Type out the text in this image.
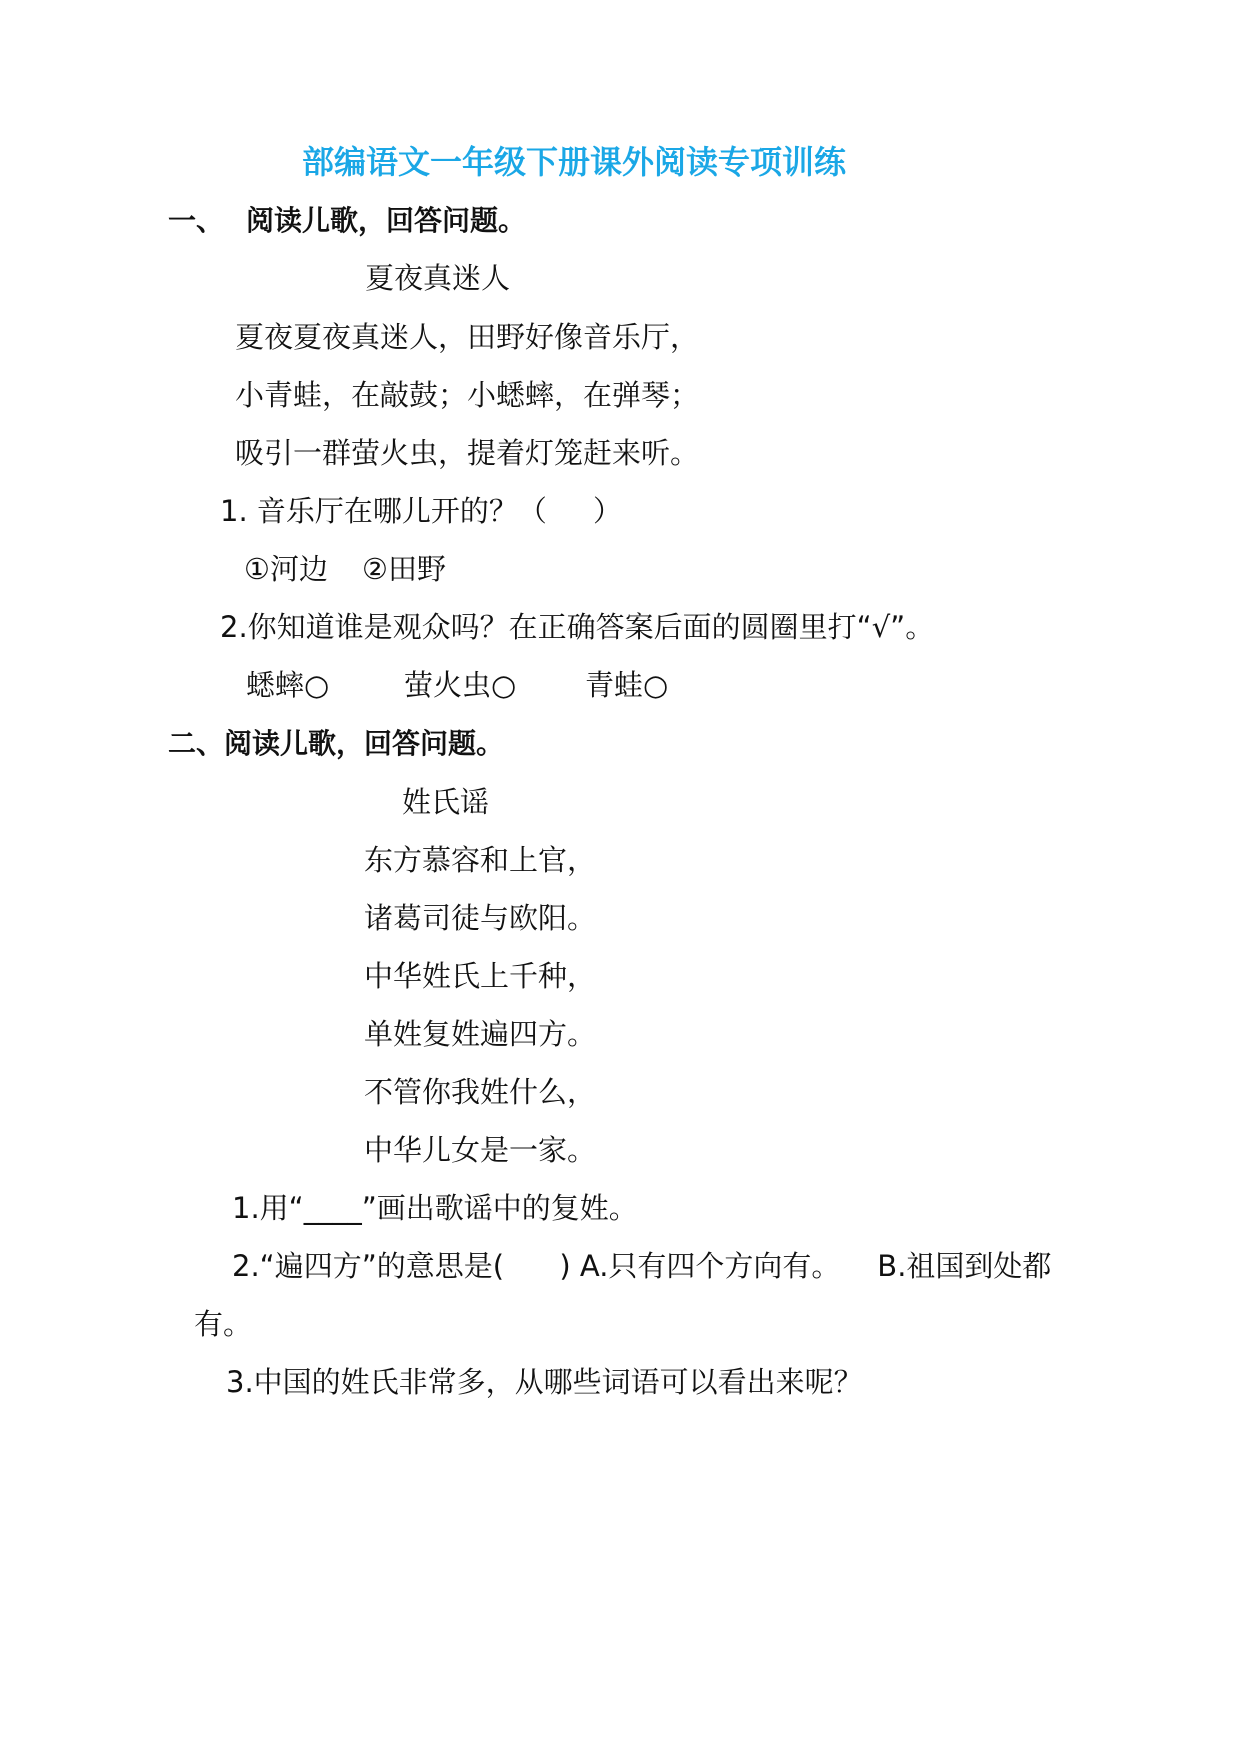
部编语文一年级下册课外阅读专项训练
一、 阅读儿歌，回答问题。
夏夜真迷人
夏夜夏夜真迷人，田野好像音乐厅，
小青蛙，在敲鼓；小蟋蟀，在弹琴；
吸引一群萤火虫，提着灯笼赶来听。
1. 音乐厅在哪儿开的？（     ）
①河边 ②田野
2.你知道谁是观众吗？在正确答案后面的圆圈里打“√”。
蟋蟀○	萤火虫○ 青蛙○
二、阅读儿歌，回答问题。
姓氏谣
东方慕容和上官，
诸葛司徒与欧阳。
中华姓氏上千种，
单姓复姓遍四方。
不管你我姓什么，
中华儿女是一家。
1.用“____”画出歌谣中的复姓。
2.“遍四方”的意思是(      ) A.只有四个方向有。    B.祖国到处都
有。
3.中国的姓氏非常多，从哪些词语可以看出来呢？
